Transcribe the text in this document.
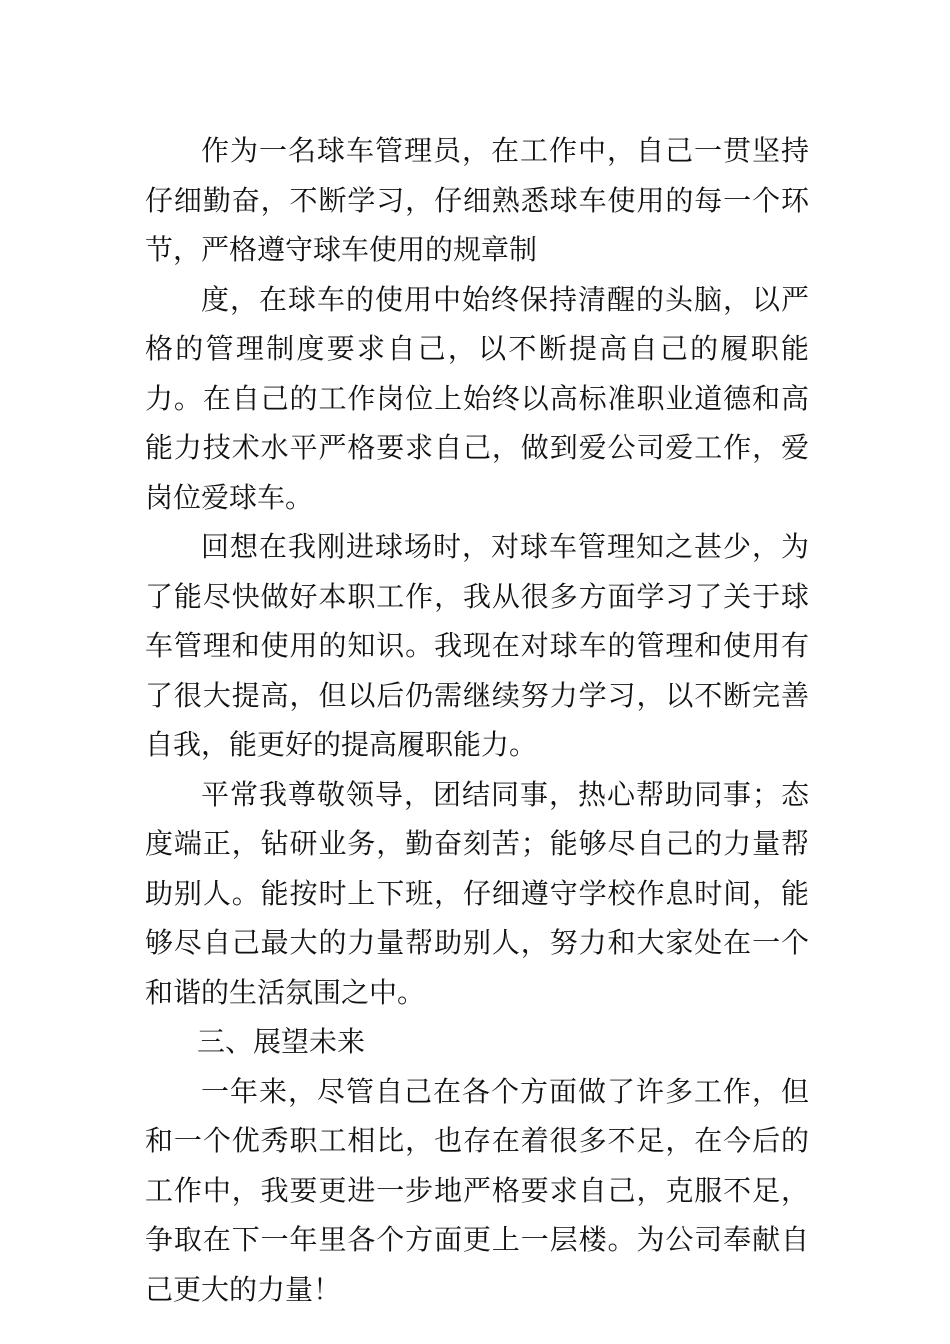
作为一名球车管理员，在工作中，自己一贯坚持仔细勤奋，不断学习，仔细熟悉球车使用的每一个环节，严格遵守球车使用的规章制

度，在球车的使用中始终保持清醒的头脑，以严格的管理制度要求自己，以不断提高自己的履职能力。在自己的工作岗位上始终以高标准职业道德和高能力技术水平严格要求自己，做到爱公司爱工作，爱岗位爱球车。

回想在我刚进球场时，对球车管理知之甚少，为了能尽快做好本职工作，我从很多方面学习了关于球车管理和使用的知识。我现在对球车的管理和使用有了很大提高，但以后仍需继续努力学习，以不断完善自我，能更好的提高履职能力。

平常我尊敬领导，团结同事，热心帮助同事；态度端正，钻研业务，勤奋刻苦；能够尽自己的力量帮助别人。能按时上下班，仔细遵守学校作息时间，能够尽自己最大的力量帮助别人，努力和大家处在一个和谐的生活氛围之中。

三、展望未来

一年来，尽管自己在各个方面做了许多工作，但和一个优秀职工相比，也存在着很多不足，在今后的工作中，我要更进一步地严格要求自己，克服不足，争取在下一年里各个方面更上一层楼。为公司奉献自己更大的力量！
